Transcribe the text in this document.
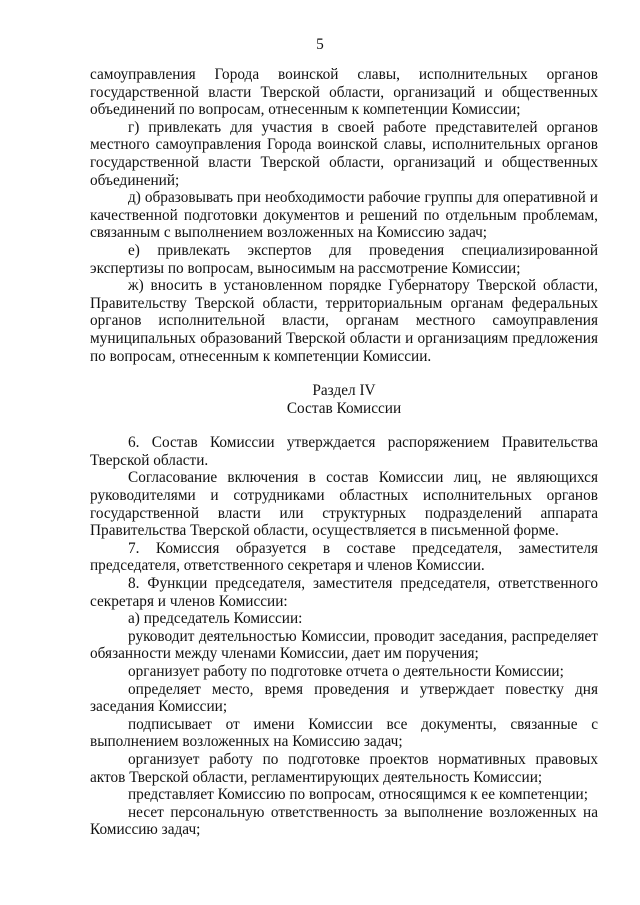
5

самоуправления Города воинской славы, исполнительных органов государственной власти Тверской области, организаций и общественных объединений по вопросам, отнесенным к компетенции Комиссии;

г) привлекать для участия в своей работе представителей органов местного самоуправления Города воинской славы, исполнительных органов государственной власти Тверской области, организаций и общественных объединений;

д) образовывать при необходимости рабочие группы для оперативной и качественной подготовки документов и решений по отдельным проблемам, связанным с выполнением возложенных на Комиссию задач;

е) привлекать экспертов для проведения специализированной экспертизы по вопросам, выносимым на рассмотрение Комиссии;

ж) вносить в установленном порядке Губернатору Тверской области, Правительству Тверской области, территориальным органам федеральных органов исполнительной власти, органам местного самоуправления муниципальных образований Тверской области и организациям предложения по вопросам, отнесенным к компетенции Комиссии.

Раздел IV

Состав Комиссии

6. Состав Комиссии утверждается распоряжением Правительства Тверской области.

Согласование включения в состав Комиссии лиц, не являющихся руководителями и сотрудниками областных исполнительных органов государственной власти или структурных подразделений аппарата Правительства Тверской области, осуществляется в письменной форме.

7. Комиссия образуется в составе председателя, заместителя председателя, ответственного секретаря и членов Комиссии.

8. Функции председателя, заместителя председателя, ответственного секретаря и членов Комиссии:

а) председатель Комиссии:

руководит деятельностью Комиссии, проводит заседания, распределяет обязанности между членами Комиссии, дает им поручения;

организует работу по подготовке отчета о деятельности Комиссии;

определяет место, время проведения и утверждает повестку дня заседания Комиссии;

подписывает от имени Комиссии все документы, связанные с выполнением возложенных на Комиссию задач;

организует работу по подготовке проектов нормативных правовых актов Тверской области, регламентирующих деятельность Комиссии;

представляет Комиссию по вопросам, относящимся к ее компетенции;

несет персональную ответственность за выполнение возложенных на Комиссию задач;
